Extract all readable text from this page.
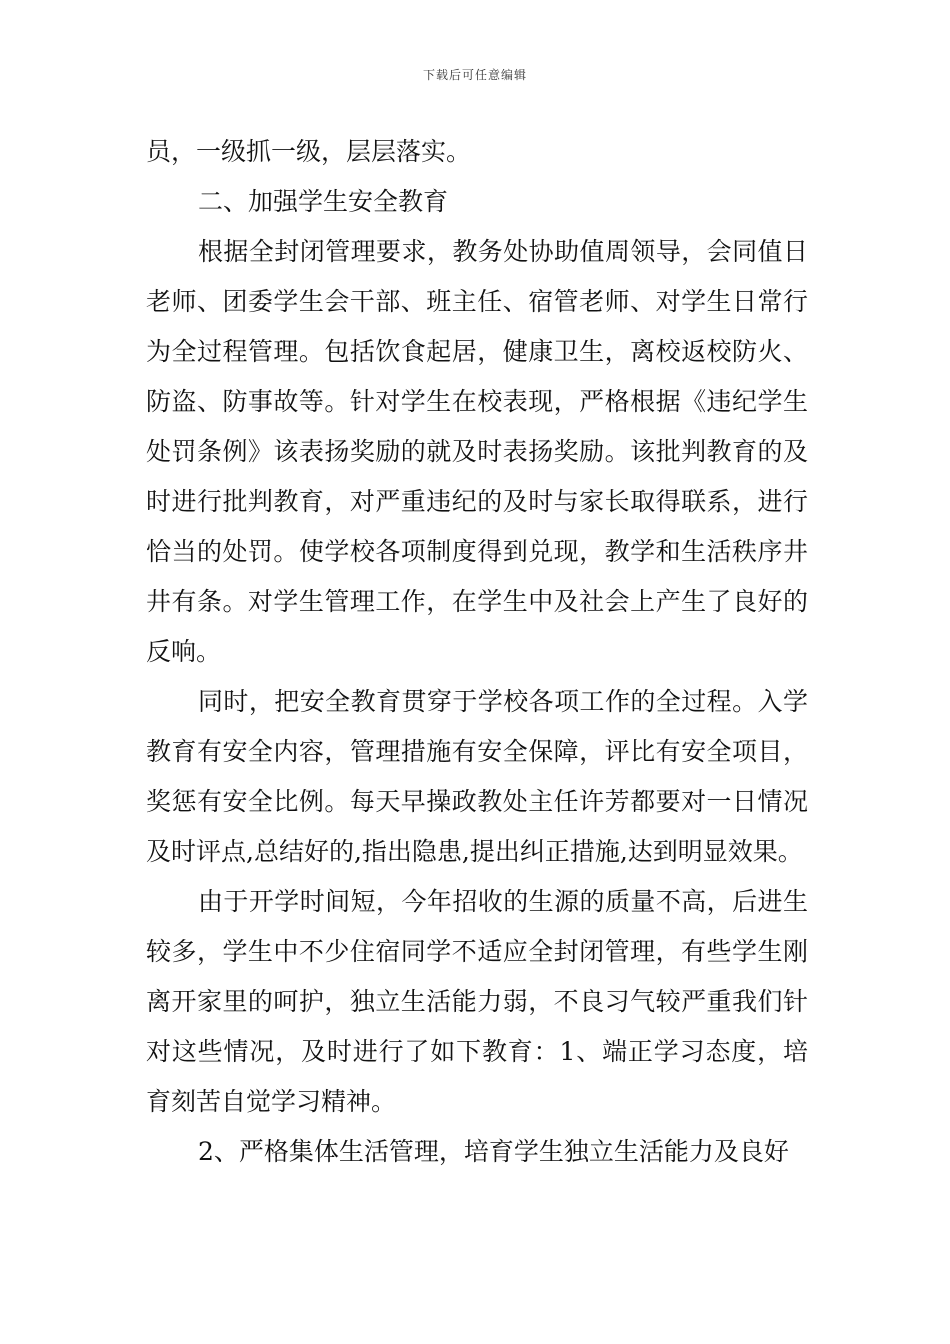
下载后可任意编辑

员，一级抓一级，层层落实。

二、加强学生安全教育

根据全封闭管理要求，教务处协助值周领导，会同值日老师、团委学生会干部、班主任、宿管老师、对学生日常行为全过程管理。包括饮食起居，健康卫生，离校返校防火、防盗、防事故等。针对学生在校表现，严格根据《违纪学生处罚条例》该表扬奖励的就及时表扬奖励。该批判教育的及时进行批判教育，对严重违纪的及时与家长取得联系，进行恰当的处罚。使学校各项制度得到兑现，教学和生活秩序井井有条。对学生管理工作，在学生中及社会上产生了良好的反响。

同时，把安全教育贯穿于学校各项工作的全过程。入学教育有安全内容，管理措施有安全保障，评比有安全项目，奖惩有安全比例。每天早操政教处主任许芳都要对一日情况及时评点,总结好的,指出隐患,提出纠正措施,达到明显效果。

由于开学时间短，今年招收的生源的质量不高，后进生较多，学生中不少住宿同学不适应全封闭管理，有些学生刚离开家里的呵护，独立生活能力弱，不良习气较严重我们针对这些情况，及时进行了如下教育：1、端正学习态度，培育刻苦自觉学习精神。

2、严格集体生活管理，培育学生独立生活能力及良好
